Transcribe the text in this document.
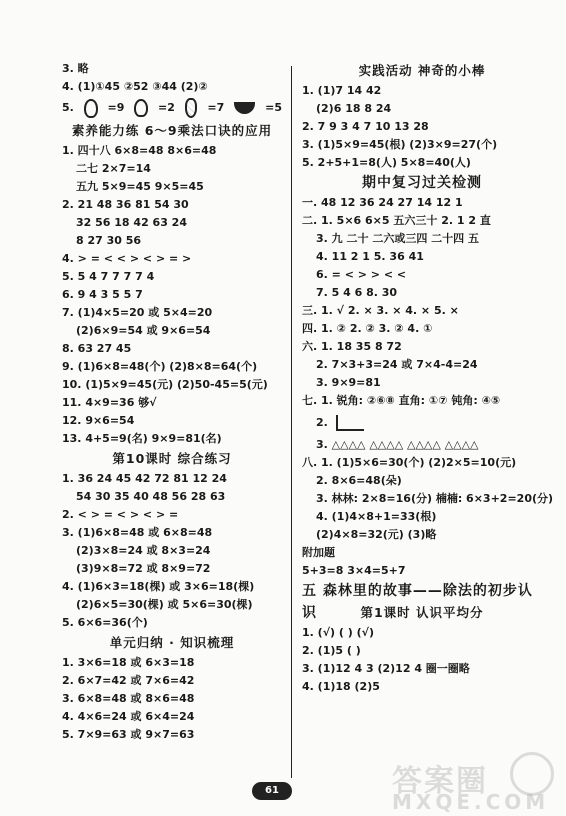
3. 略
4. (1)①45 ②52 ③44 (2)②
5.	=9	=2	=7	=5
素养能力练 6～9乘法口诀的应用
1. 四十八 6×8=48 8×6=48
二七 2×7=14
五九 5×9=45 9×5=45
2. 21 48 36 81 54 30
32 56 18 42 63 24
8 27 30 56
4. > = < < > < > = >
5. 5 4 7 7 7 7 4
6. 9 4 3 5 5 7
7. (1)4×5=20 或 5×4=20
(2)6×9=54 或 9×6=54
8. 63 27 45
9. (1)6×8=48(个) (2)8×8=64(个)
10. (1)5×9=45(元) (2)50-45=5(元)
11. 4×9=36 够√
12. 9×6=54
13. 4+5=9(名) 9×9=81(名)
第10课时 综合练习
1. 36 24 45 42 72 81 12 24
54 30 35 40 48 56 28 63
2. < > = < > < > =
3. (1)6×8=48 或 6×8=48
(2)3×8=24 或 8×3=24
(3)9×8=72 或 8×9=72
4. (1)6×3=18(棵) 或 3×6=18(棵)
(2)6×5=30(棵) 或 5×6=30(棵)
5. 6×6=36(个)
单元归纳 · 知识梳理
1. 3×6=18 或 6×3=18
2. 6×7=42 或 7×6=42
3. 6×8=48 或 8×6=48
4. 4×6=24 或 6×4=24
5. 7×9=63 或 9×7=63
实践活动 神奇的小棒
1. (1)7 14 42
(2)6 18 8 24
2. 7 9 3 4 7 10 13 28
3. (1)5×9=45(根) (2)3×9=27(个)
5. 2+5+1=8(人) 5×8=40(人)
期中复习过关检测
一. 48 12 36 24 27 14 12 1
二. 1. 5×6 6×5 五六三十 2. 1 2 直
3. 九 二十 二六或三四 二十四 五
4. 11 2 1 5. 36 41
6. = < > > < <
7. 5 4 6 8. 30
三. 1. √ 2. × 3. × 4. × 5. ×
四. 1. ② 2. ② 3. ② 4. ①
六. 1. 18 35 8 72
2. 7×3+3=24 或 7×4-4=24
3. 9×9=81
七. 1. 锐角: ②⑥⑧ 直角: ①⑦ 钝角: ④⑤
2.
3. △△△△ △△△△ △△△△ △△△△
八. 1. (1)5×6=30(个) (2)2×5=10(元)
2. 8×6=48(朵)
3. 林林: 2×8=16(分) 楠楠: 6×3+2=20(分)
4. (1)4×8+1=33(根)
(2)4×8=32(元) (3)略
附加题
5+3=8 3×4=5+7
五 森林里的故事——除法的初步认识	第1课时 认识平均分
1. (√) ( ) (√)
2. (1)5 ( )
3. (1)12 4 3 (2)12 4 圈一圈略
4. (1)18 (2)5
61	答案圈
MXQE.COM
